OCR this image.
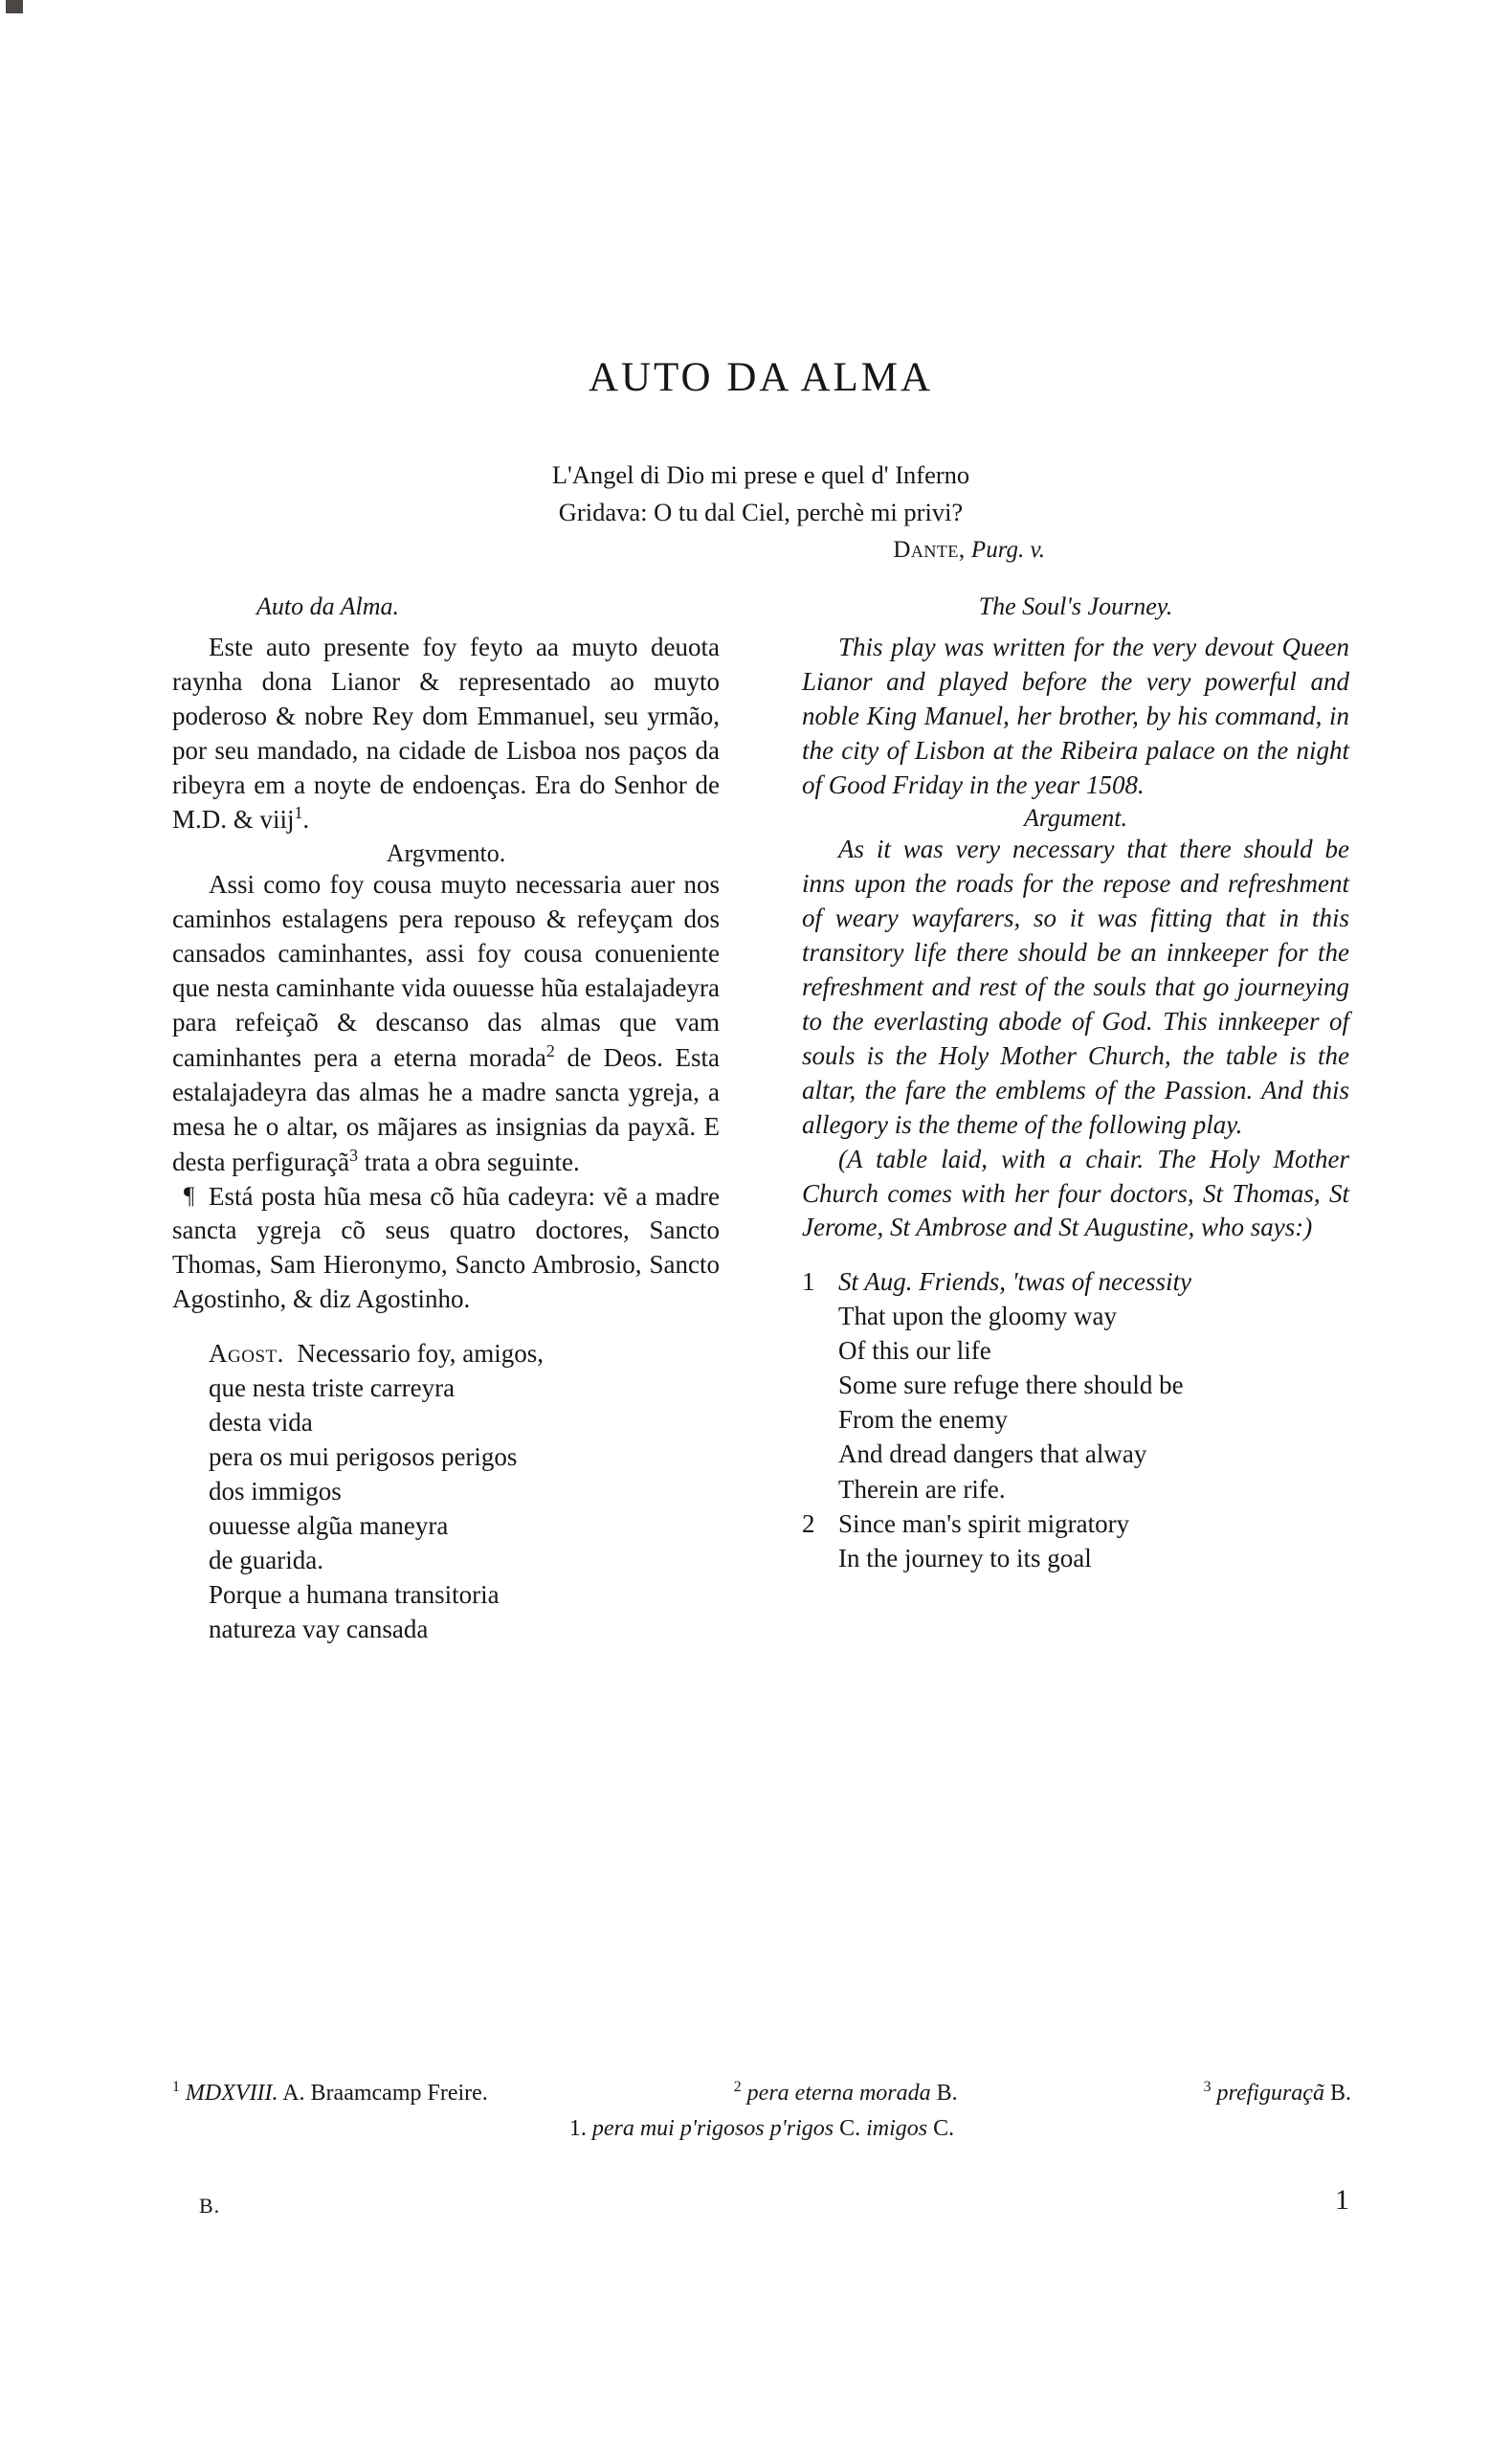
AUTO DA ALMA
L'Angel di Dio mi prese e quel d' Inferno
Gridava: O tu dal Ciel, perchè mi privi?
Dante, Purg. v.
Auto da Alma.

Este auto presente foy feyto aa muyto deuota raynha dona Lianor & representado ao muyto poderoso & nobre Rey dom Emmanuel, seu yrmão, por seu mandado, na cidade de Lisboa nos paços da ribeyra em a noyte de endoenças. Era do Senhor de M.D. & viij$^1$.

Argvmento.

Assi como foy cousa muyto necessaria auer nos caminhos estalagens pera repouso & refeyçam dos cansados caminhantes, assi foy cousa conueniente que nesta caminhante vida ouuesse hũa estalajadeyra para refeiçaõ & descanso das almas que vam caminhantes pera a eterna morada$^2$ de Deos. Esta estalajadeyra das almas he a madre sancta ygreja, a mesa he o altar, os mãjares as insignias da payxã. E desta perfiguraçã$^3$ trata a obra seguinte.

¶ Está posta hũa mesa cõ hũa cadeyra: vẽ a madre sancta ygreja cõ seus quatro doctores, Sancto Thomas, Sam Hieronymo, Sancto Ambrosio, Sancto Agostinho, & diz Agostinho.

Agost. Necessario foy, amigos,
que nesta triste carreyra
desta vida
pera os mui perigosos perigos
dos immigos
ouuesse algũa maneyra
de guarida.
Porque a humana transitoria
natureza vay cansada
The Soul's Journey.

This play was written for the very devout Queen Lianor and played before the very powerful and noble King Manuel, her brother, by his command, in the city of Lisbon at the Ribeira palace on the night of Good Friday in the year 1508.

Argument.

As it was very necessary that there should be inns upon the roads for the repose and refreshment of weary wayfarers, so it was fitting that in this transitory life there should be an innkeeper for the refreshment and rest of the souls that go journeying to the everlasting abode of God. This innkeeper of souls is the Holy Mother Church, the table is the altar, the fare the emblems of the Passion. And this allegory is the theme of the following play.

(A table laid, with a chair. The Holy Mother Church comes with her four doctors, St Thomas, St Jerome, St Ambrose and St Augustine, who says:)

1 St Aug. Friends, 'twas of necessity
That upon the gloomy way
Of this our life
Some sure refuge there should be
From the enemy
And dread dangers that alway
Therein are rife.
2 Since man's spirit migratory
In the journey to its goal
$^1$ MDXVIII. A. Braamcamp Freire.	$^2$ pera eterna morada B.	$^3$ prefiguraçã B.
1. pera mui p'rigosos p'rigos C. imigos C.
B.	1
